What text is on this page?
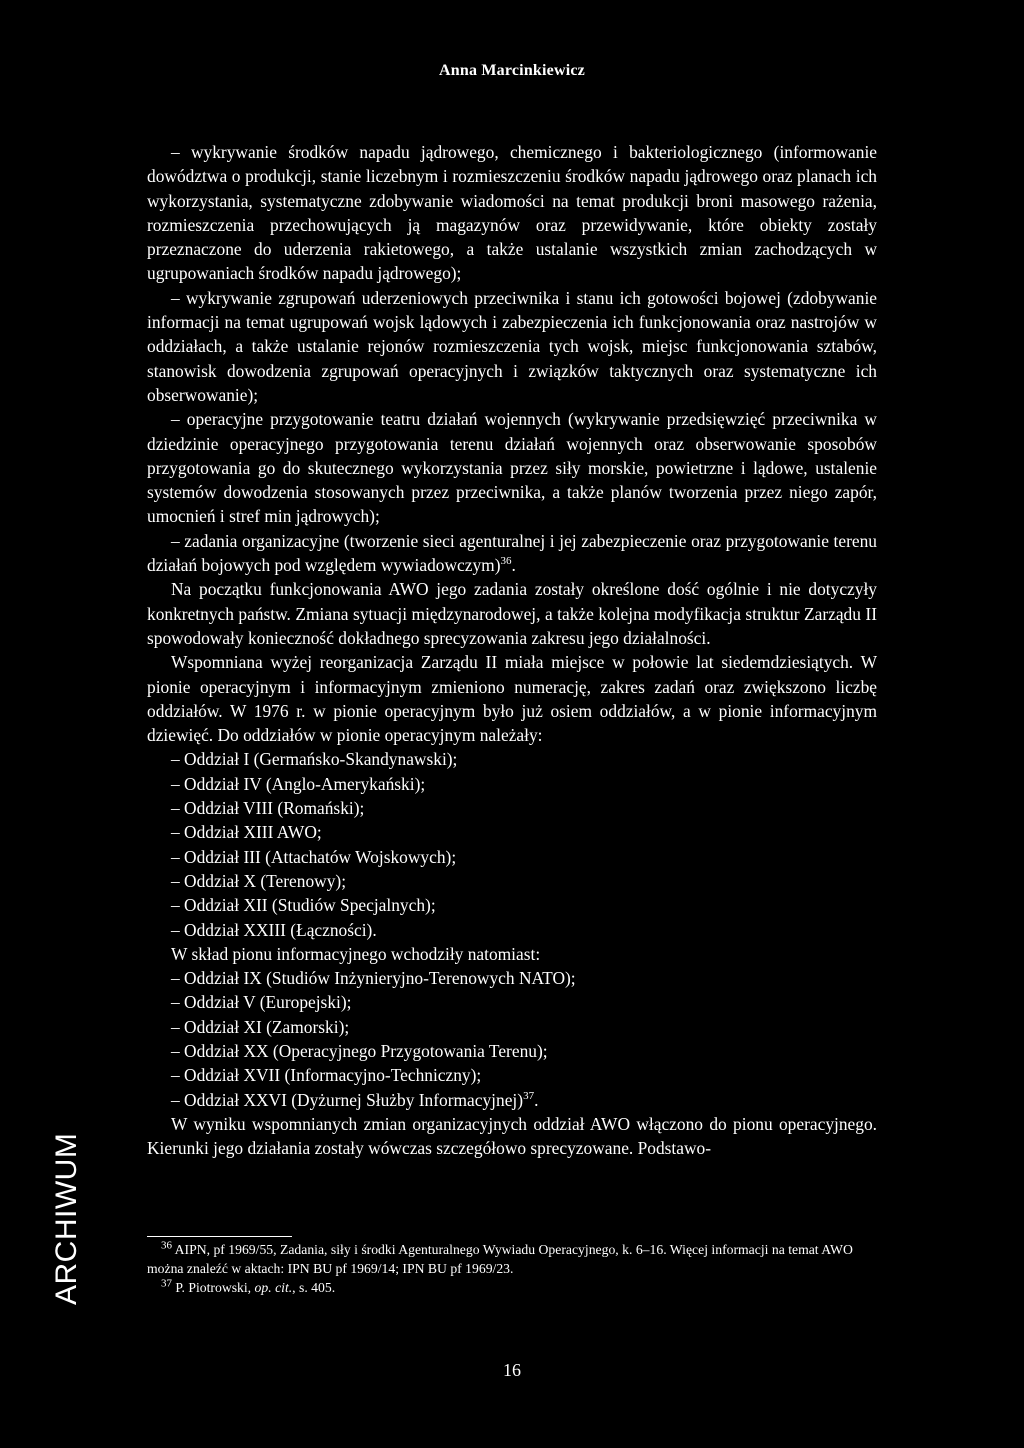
Anna Marcinkiewicz

– wykrywanie środków napadu jądrowego, chemicznego i bakteriologicznego (informowanie dowództwa o produkcji, stanie liczebnym i rozmieszczeniu środków napadu jądrowego oraz planach ich wykorzystania, systematyczne zdobywanie wiadomości na temat produkcji broni masowego rażenia, rozmieszczenia przechowujących ją magazynów oraz przewidywanie, które obiekty zostały przeznaczone do uderzenia rakietowego, a także ustalanie wszystkich zmian zachodzących w ugrupowaniach środków napadu jądrowego);

– wykrywanie zgrupowań uderzeniowych przeciwnika i stanu ich gotowości bojowej (zdobywanie informacji na temat ugrupowań wojsk lądowych i zabezpieczenia ich funkcjonowania oraz nastrojów w oddziałach, a także ustalanie rejonów rozmieszczenia tych wojsk, miejsc funkcjonowania sztabów, stanowisk dowodzenia zgrupowań operacyjnych i związków taktycznych oraz systematyczne ich obserwowanie);

– operacyjne przygotowanie teatru działań wojennych (wykrywanie przedsięwzięć przeciwnika w dziedzinie operacyjnego przygotowania terenu działań wojennych oraz obserwowanie sposobów przygotowania go do skutecznego wykorzystania przez siły morskie, powietrzne i lądowe, ustalenie systemów dowodzenia stosowanych przez przeciwnika, a także planów tworzenia przez niego zapór, umocnień i stref min jądrowych);

– zadania organizacyjne (tworzenie sieci agenturalnej i jej zabezpieczenie oraz przygotowanie terenu działań bojowych pod względem wywiadowczym)$^{36}$.

Na początku funkcjonowania AWO jego zadania zostały określone dość ogólnie i nie dotyczyły konkretnych państw. Zmiana sytuacji międzynarodowej, a także kolejna modyfikacja struktur Zarządu II spowodowały konieczność dokładnego sprecyzowania zakresu jego działalności.

Wspomniana wyżej reorganizacja Zarządu II miała miejsce w połowie lat siedemdziesiątych. W pionie operacyjnym i informacyjnym zmieniono numerację, zakres zadań oraz zwiększono liczbę oddziałów. W 1976 r. w pionie operacyjnym było już osiem oddziałów, a w pionie informacyjnym dziewięć. Do oddziałów w pionie operacyjnym należały:

– Oddział I (Germańsko-Skandynawski);

– Oddział IV (Anglo-Amerykański);

– Oddział VIII (Romański);

– Oddział XIII AWO;

– Oddział III (Attachatów Wojskowych);

– Oddział X (Terenowy);

– Oddział XII (Studiów Specjalnych);

– Oddział XXIII (Łączności).

W skład pionu informacyjnego wchodziły natomiast:

– Oddział IX (Studiów Inżynieryjno-Terenowych NATO);

– Oddział V (Europejski);

– Oddział XI (Zamorski);

– Oddział XX (Operacyjnego Przygotowania Terenu);

– Oddział XVII (Informacyjno-Techniczny);

– Oddział XXVI (Dyżurnej Służby Informacyjnej)$^{37}$.

W wyniku wspomnianych zmian organizacyjnych oddział AWO włączono do pionu operacyjnego. Kierunki jego działania zostały wówczas szczegółowo sprecyzowane. Podstawo-

$^{36}$ AIPN, pf 1969/55, Zadania, siły i środki Agenturalnego Wywiadu Operacyjnego, k. 6–16. Więcej informacji na temat AWO można znaleźć w aktach: IPN BU pf 1969/14; IPN BU pf 1969/23.

$^{37}$ P. Piotrowski, op. cit., s. 405.

ARCHIWUM
16
